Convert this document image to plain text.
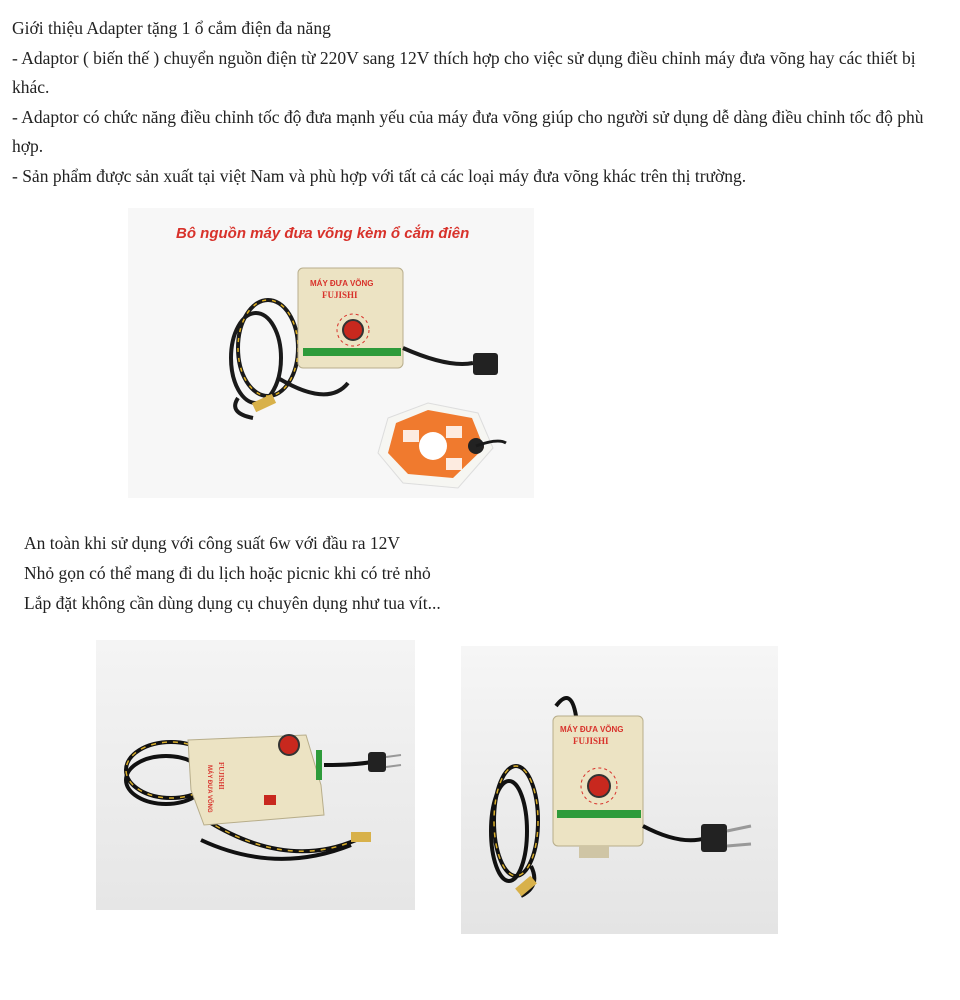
Giới thiệu Adapter tặng 1 ổ cắm điện đa năng

- Adaptor ( biến thế ) chuyển nguồn điện từ 220V sang 12V thích hợp cho việc sử dụng điều chỉnh máy đưa võng hay các thiết bị khác.

- Adaptor có chức năng điều chỉnh tốc độ đưa mạnh yếu của máy đưa võng giúp cho người sử dụng dễ dàng điều chỉnh tốc độ phù hợp.

- Sản phẩm được sản xuất tại việt Nam và phù hợp với tất cả các loại máy đưa võng khác trên thị trường.

Bô nguồn máy đưa võng kèm ổ cắm điên
MÁY ĐƯA VÕNG
FUJISHI

An toàn khi sử dụng với công suất 6w với đầu ra 12V

Nhỏ gọn có thể mang đi du lịch hoặc picnic khi có trẻ nhỏ

Lắp đặt không cần dùng dụng cụ chuyên dụng như tua vít...

MÁY ĐƯA VÕNG FUJISHI
MÁY ĐƯA VÕNG
FUJISHI
